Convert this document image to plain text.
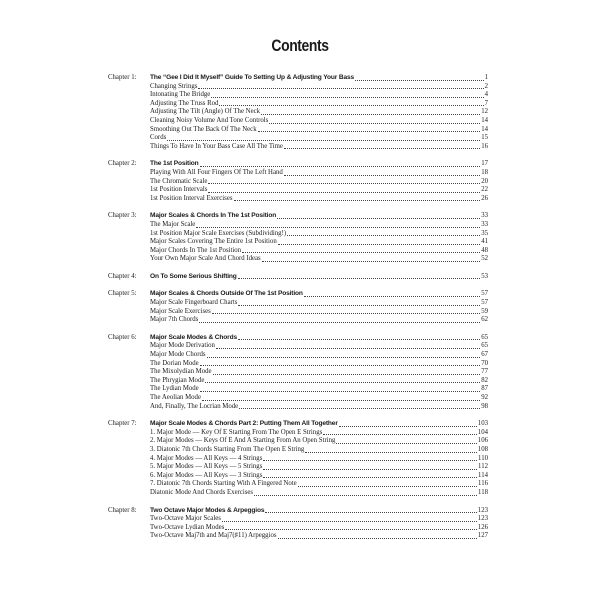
Contents
Chapter 1: The “Gee I Did It Myself” Guide To Setting Up & Adjusting Your Bass	1
Changing Strings	2
Intonating The Bridge	4
Adjusting The Truss Rod	7
Adjusting The Tilt (Angle) Of The Neck	12
Cleaning Noisy Volume And Tone Controls	14
Smoothing Out The Back Of The Neck	14
Cords	15
Things To Have In Your Bass Case All The Time	16
Chapter 2: The 1st Position	17
Playing With All Four Fingers Of The Left Hand	18
The Chromatic Scale	20
1st Position Intervals	22
1st Position Interval Exercises	26
Chapter 3: Major Scales & Chords In The 1st Position	33
The Major Scale	33
1st Position Major Scale Exercises (Subdividing!)	35
Major Scales Covering The Entire 1st Position	41
Major Chords In The 1st Position	48
Your Own Major Scale And Chord Ideas	52
Chapter 4: On To Some Serious Shifting	53
Chapter 5: Major Scales & Chords Outside Of The 1st Position	57
Major Scale Fingerboard Charts	57
Major Scale Exercises	59
Major 7th Chords	62
Chapter 6: Major Scale Modes & Chords	65
Major Mode Derivation	65
Major Mode Chords	67
The Dorian Mode	70
The Mixolydian Mode	77
The Phrygian Mode	82
The Lydian Mode	87
The Aeolian Mode	92
And, Finally, The Locrian Mode	98
Chapter 7: Major Scale Modes & Chords Part 2: Putting Them All Together	103
1. Major Mode — Key Of E Starting From The Open E Strings	104
2. Major Modes — Keys Of E And A Starting From An Open String	106
3. Diatonic 7th Chords Starting From The Open E String	108
4. Major Modes — All Keys — 4 Strings	110
5. Major Modes — All Keys — 5 Strings	112
6. Major Modes — All Keys — 3 Strings	114
7. Diatonic 7th Chords Starting With A Fingered Note	116
Diatonic Mode And Chords Exercises	118
Chapter 8: Two Octave Major Modes & Arpeggios	123
Two-Octave Major Scales	123
Two-Octave Lydian Modes	126
Two-Octave Maj7th and Maj7(♯11) Arpeggios	127
